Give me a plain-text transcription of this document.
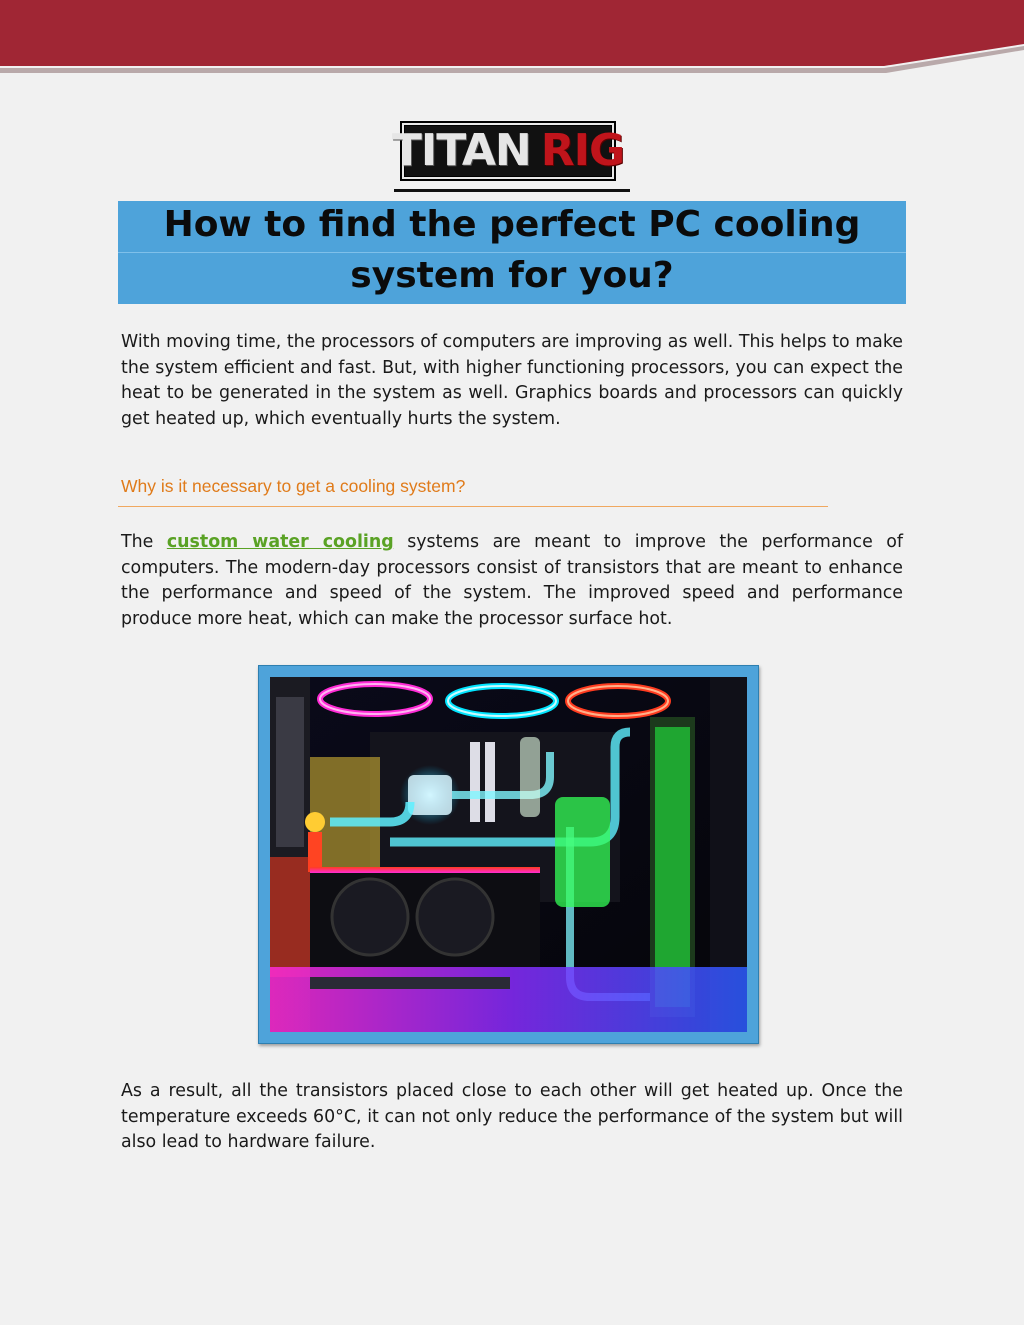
TITAN RIG
How to find the perfect PC cooling
system for you?

With moving time, the processors of computers are improving as well. This helps to make the system efficient and fast. But, with higher functioning processors, you can expect the heat to be generated in the system as well. Graphics boards and processors can quickly get heated up, which eventually hurts the system.

Why is it necessary to get a cooling system?

The custom water cooling systems are meant to improve the performance of computers. The modern-day processors consist of transistors that are meant to enhance the performance and speed of the system. The improved speed and performance produce more heat, which can make the processor surface hot.

As a result, all the transistors placed close to each other will get heated up. Once the temperature exceeds 60°C, it can not only reduce the performance of the system but will also lead to hardware failure.
